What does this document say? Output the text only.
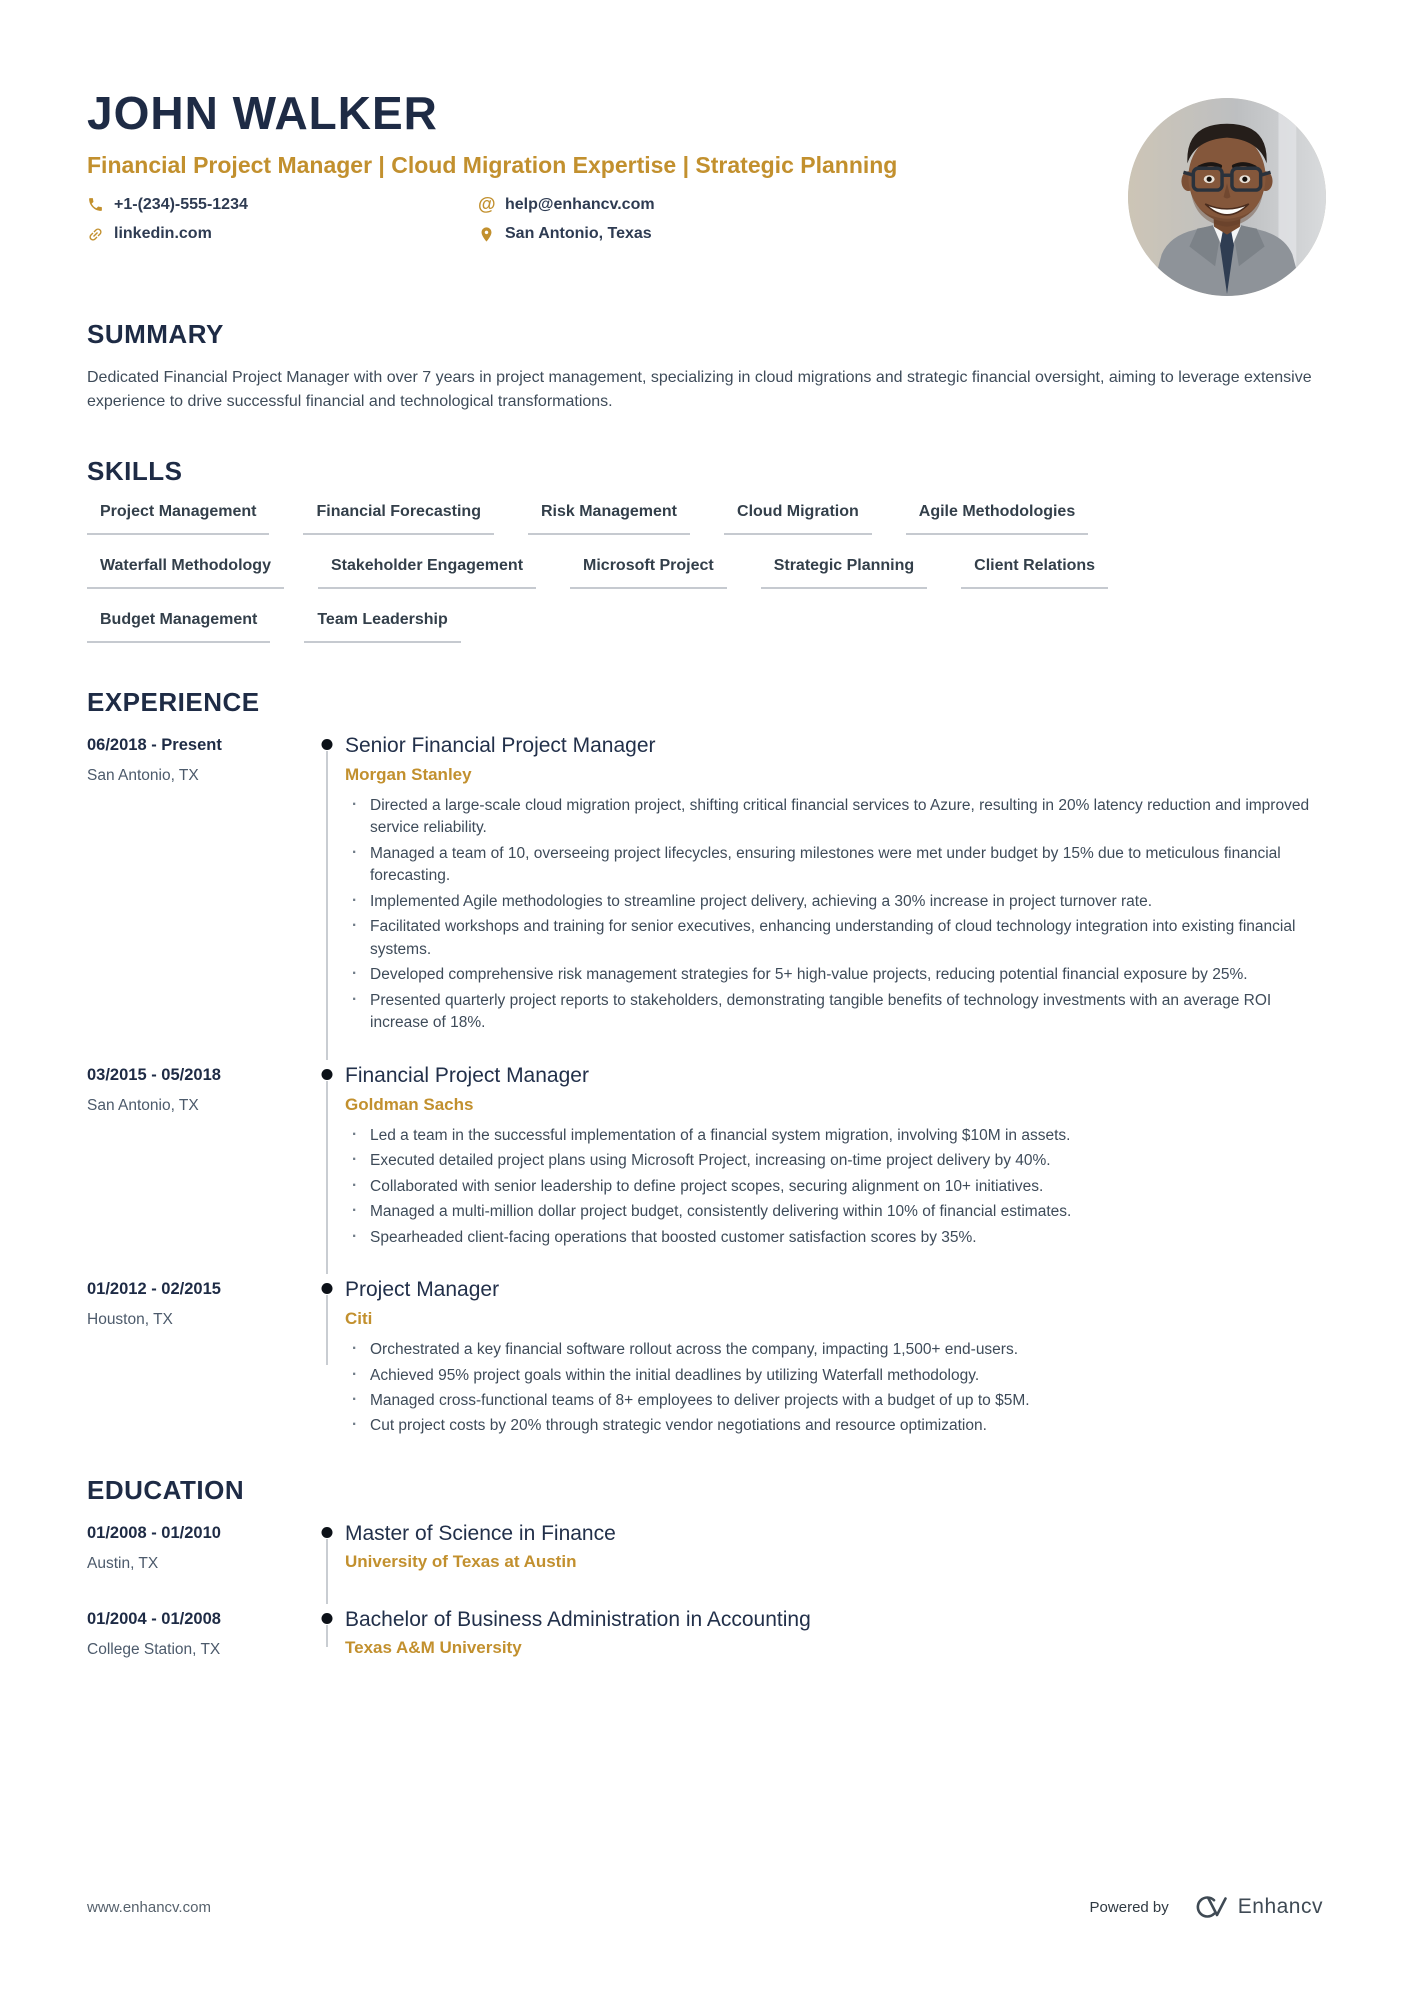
JOHN WALKER
Financial Project Manager | Cloud Migration Expertise | Strategic Planning
+1-(234)-555-1234	@ help@enhancv.com
linkedin.com	San Antonio, Texas
SUMMARY

Dedicated Financial Project Manager with over 7 years in project management, specializing in cloud migrations and strategic financial oversight, aiming to leverage extensive experience to drive successful financial and technological transformations.

SKILLS
Project Management	Financial Forecasting	Risk Management	Cloud Migration	Agile Methodologies
Waterfall Methodology	Stakeholder Engagement	Microsoft Project	Strategic Planning	Client Relations
Budget Management	Team Leadership
EXPERIENCE
06/2018 - Present
San Antonio, TX
Senior Financial Project Manager
Morgan Stanley
· Directed a large-scale cloud migration project, shifting critical financial services to Azure, resulting in 20% latency reduction and improved service reliability.
· Managed a team of 10, overseeing project lifecycles, ensuring milestones were met under budget by 15% due to meticulous financial forecasting.
· Implemented Agile methodologies to streamline project delivery, achieving a 30% increase in project turnover rate.
· Facilitated workshops and training for senior executives, enhancing understanding of cloud technology integration into existing financial systems.
· Developed comprehensive risk management strategies for 5+ high-value projects, reducing potential financial exposure by 25%.
· Presented quarterly project reports to stakeholders, demonstrating tangible benefits of technology investments with an average ROI increase of 18%.
03/2015 - 05/2018
San Antonio, TX
Financial Project Manager
Goldman Sachs
· Led a team in the successful implementation of a financial system migration, involving $10M in assets.
· Executed detailed project plans using Microsoft Project, increasing on-time project delivery by 40%.
· Collaborated with senior leadership to define project scopes, securing alignment on 10+ initiatives.
· Managed a multi-million dollar project budget, consistently delivering within 10% of financial estimates.
· Spearheaded client-facing operations that boosted customer satisfaction scores by 35%.
01/2012 - 02/2015
Houston, TX
Project Manager
Citi
· Orchestrated a key financial software rollout across the company, impacting 1,500+ end-users.
· Achieved 95% project goals within the initial deadlines by utilizing Waterfall methodology.
· Managed cross-functional teams of 8+ employees to deliver projects with a budget of up to $5M.
· Cut project costs by 20% through strategic vendor negotiations and resource optimization.
EDUCATION
01/2008 - 01/2010
Austin, TX
Master of Science in Finance
University of Texas at Austin
01/2004 - 01/2008
College Station, TX
Bachelor of Business Administration in Accounting
Texas A&M University
www.enhancv.com	Powered by	Enhancv
